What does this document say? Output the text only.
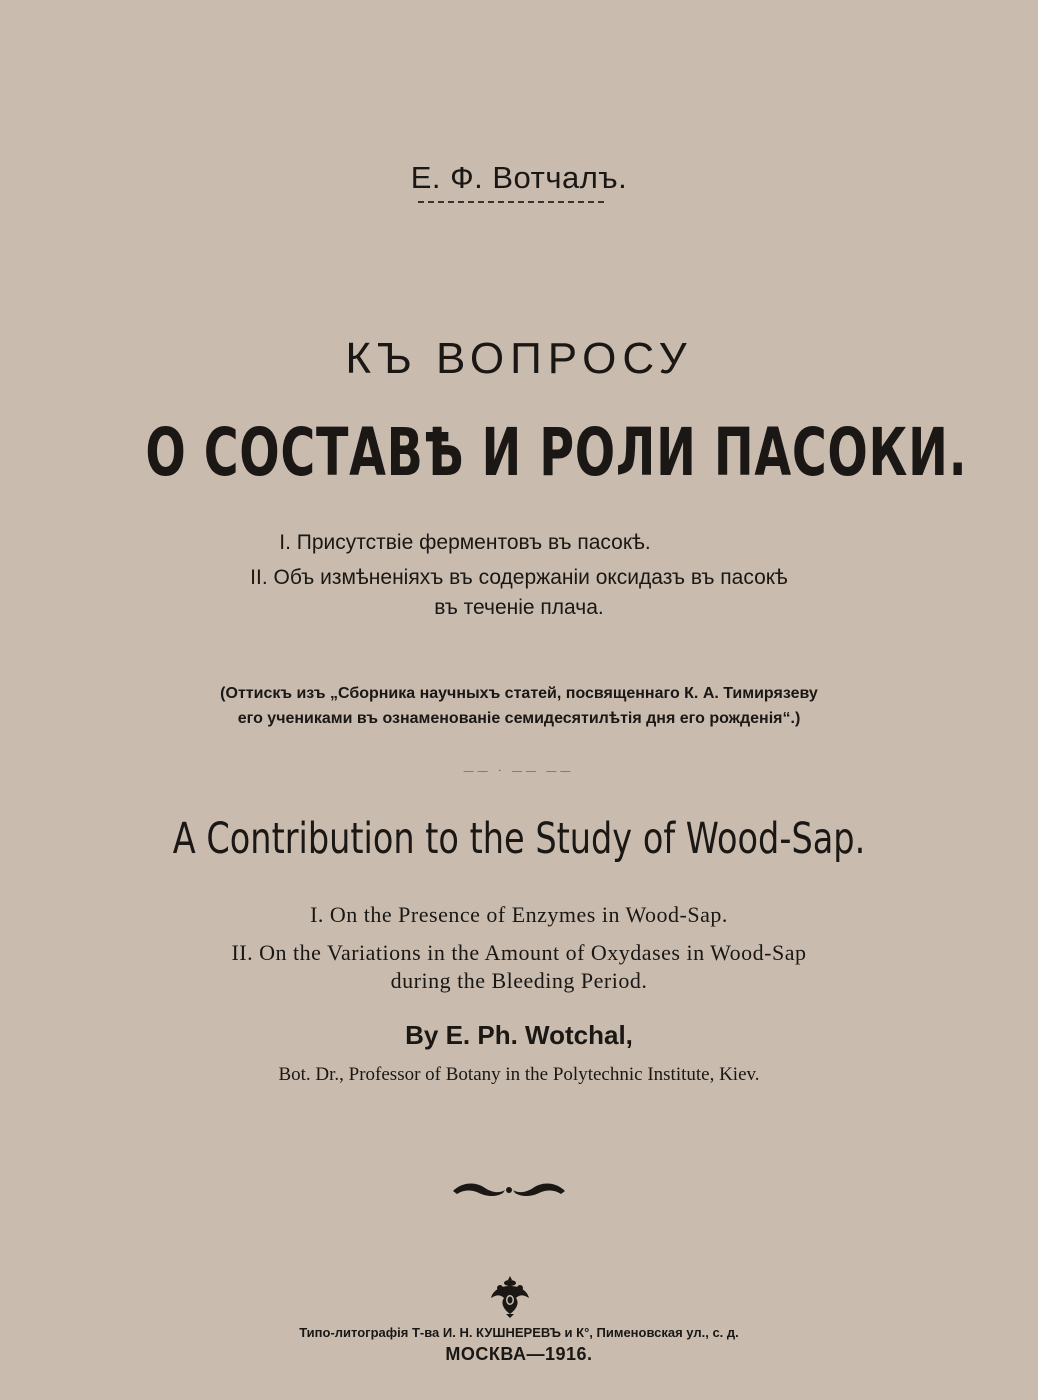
Е. Ф. Вотчалъ.

КЪ ВОПРОСУ

О СОСТАВѢ И РОЛИ ПАСОКИ.

I. Присутствіе ферментовъ въ пасокѣ.

II. Объ измѣненіяхъ въ содержаніи оксидазъ въ пасокѣ

въ теченіе плача.

(Оттискъ изъ „Сборника научныхъ статей, посвященнаго К. А. Тимирязеву

его учениками въ ознаменованіе семидесятилѣтія дня его рожденія“.)

—— · —— ——

A Contribution to the Study of Wood-Sap.

I. On the Presence of Enzymes in Wood-Sap.

II. On the Variations in the Amount of Oxydases in Wood-Sap

during the Bleeding Period.

By E. Ph. Wotchal,

Bot. Dr., Professor of Botany in the Polytechnic Institute, Kiev.

Типо-литографія Т-ва И. Н. КУШНЕРЕВЪ и К°, Пименовская ул., с. д.

МОСКВА—1916.
